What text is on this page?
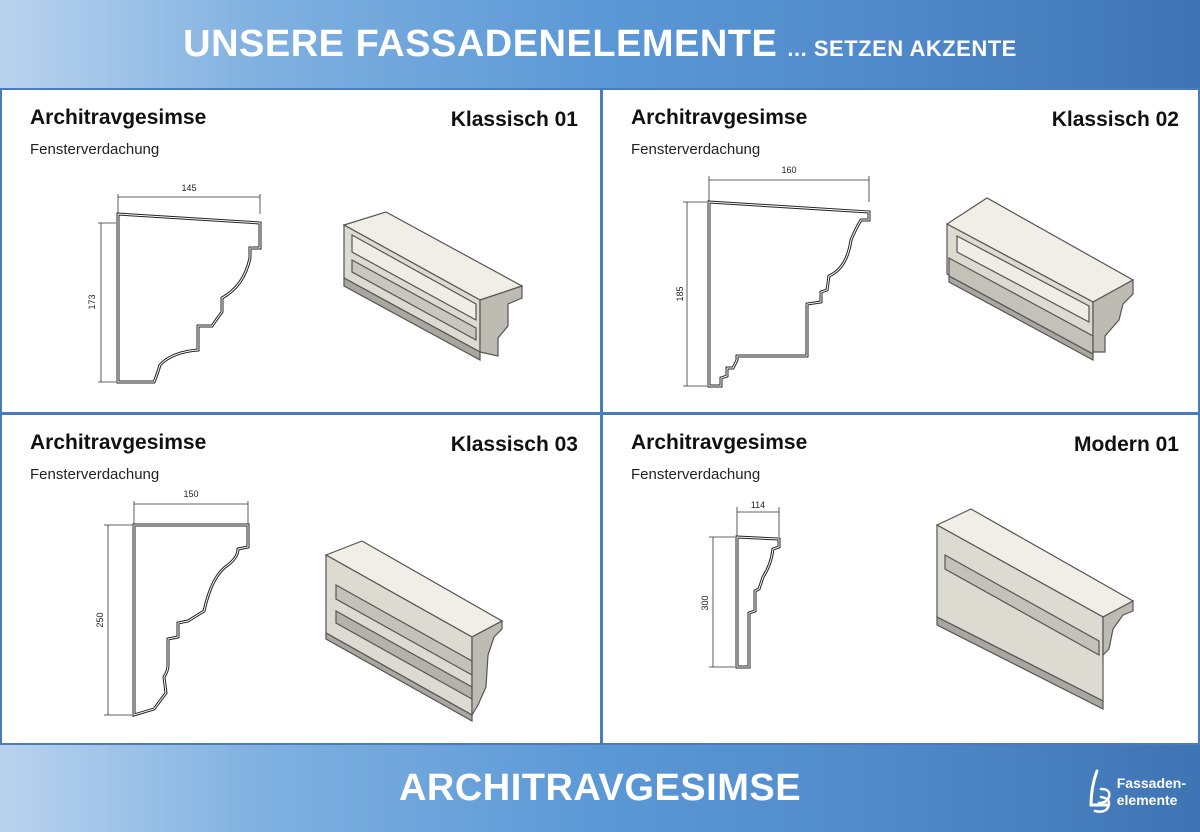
UNSERE FASSADENELEMENTE ... SETZEN AKZENTE
Architravgesimse
Fensterverdachung
Klassisch 01
145
173
Architravgesimse
Fensterverdachung
Klassisch 02
160
185
Architravgesimse
Fensterverdachung
Klassisch 03
150
250
Architravgesimse
Fensterverdachung
Modern 01
114
300
ARCHITRAVGESIMSE	Fassaden-
elemente
